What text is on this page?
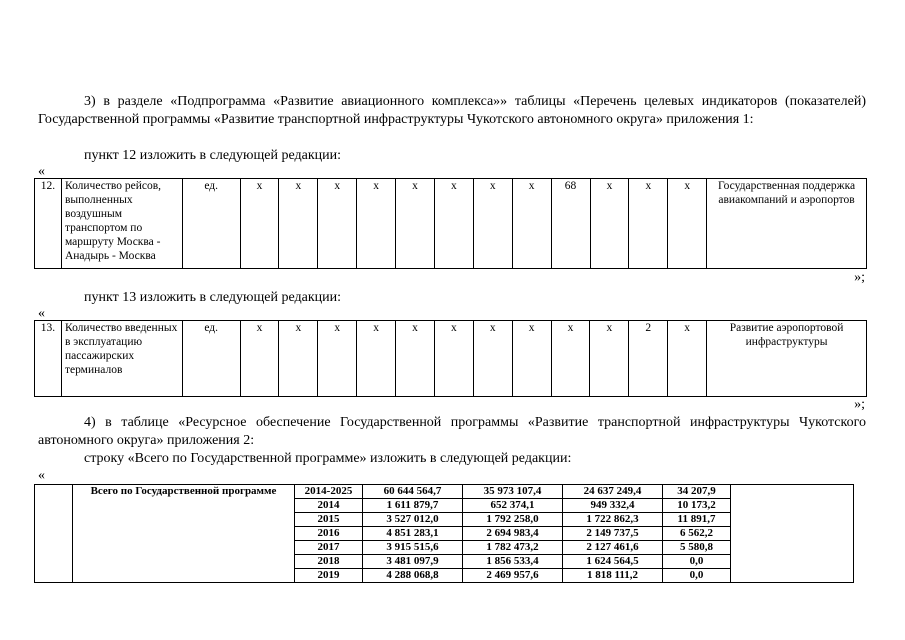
3) в разделе «Подпрограмма «Развитие авиационного комплекса»» таблицы «Перечень целевых индикаторов (показателей) Государственной программы «Развитие транспортной инфраструктуры Чукотского автономного округа» приложения 1:
пункт 12 изложить в следующей редакции:
«
12.	Количество рейсов, выполненных воздушным транспортом по маршруту Москва - Анадырь - Москва	ед.	х	х	х	х	х	х	х	х	68	х	х	х	Государственная поддержка авиакомпаний и аэропортов
»;
пункт 13 изложить в следующей редакции:
«
13.	Количество введенных в эксплуатацию пассажирских терминалов	ед.	х	х	х	х	х	х	х	х	х	х	2	х	Развитие аэропортовой инфраструктуры
»;
4) в таблице «Ресурсное обеспечение Государственной программы «Развитие транспортной инфраструктуры Чукотского автономного округа» приложения 2:
строку «Всего по Государственной программе» изложить в следующей редакции:
«
	Всего по Государственной программе	2014-2025	60 644 564,7	35 973 107,4	24 637 249,4	34 207,9	
		2014	1 611 879,7	652 374,1	949 332,4	10 173,2	
		2015	3 527 012,0	1 792 258,0	1 722 862,3	11 891,7	
		2016	4 851 283,1	2 694 983,4	2 149 737,5	6 562,2	
		2017	3 915 515,6	1 782 473,2	2 127 461,6	5 580,8	
		2018	3 481 097,9	1 856 533,4	1 624 564,5	0,0	
		2019	4 288 068,8	2 469 957,6	1 818 111,2	0,0	
